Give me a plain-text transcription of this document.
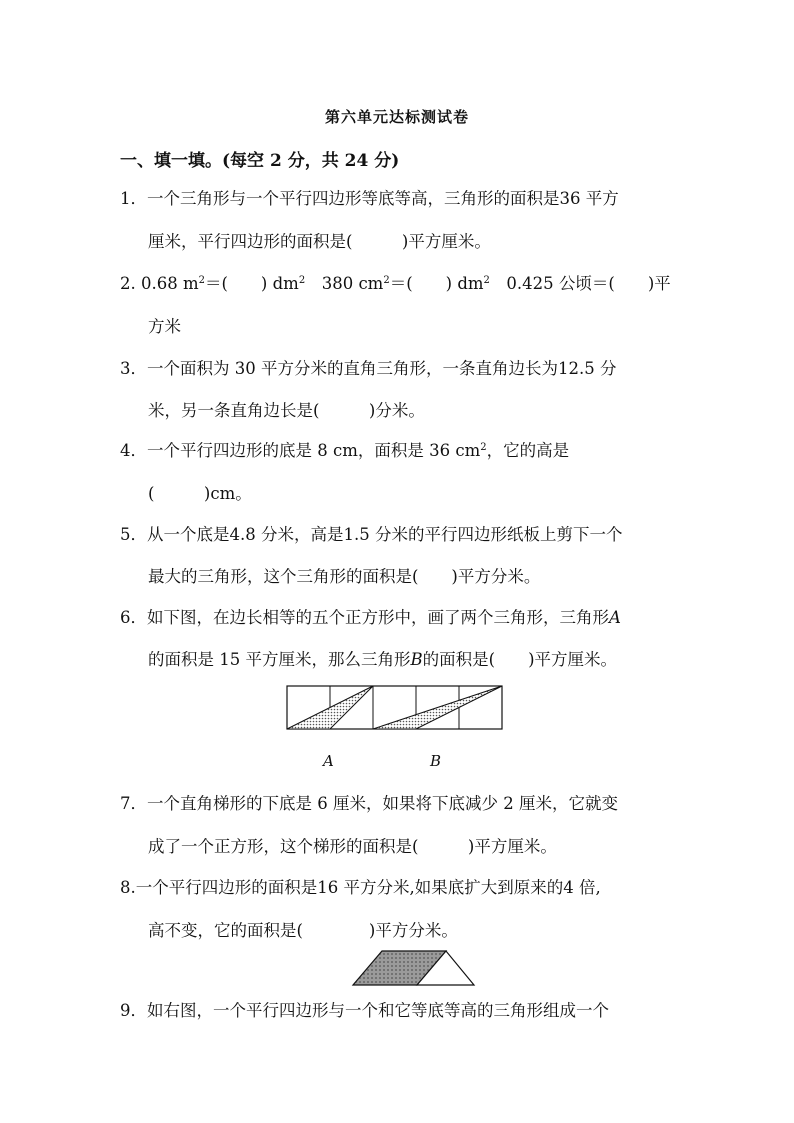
第六单元达标测试卷
一、填一填。(每空 2 分，共 24 分)
1．一个三角形与一个平行四边形等底等高，三角形的面积是36 平方
厘米，平行四边形的面积是(　　　)平方厘米。
2. 0.68 $m^2=$(　　) $dm^2$　380 $cm^2=$(　　) $dm^2$　0.425 公顷＝(　　)平
方米
3．一个面积为 30 平方分米的直角三角形，一条直角边长为12.5 分
米，另一条直角边长是(　　　)分米。
4．一个平行四边形的底是 8 cm，面积是 36 $cm^2$，它的高是
(　　　)cm。
5．从一个底是4.8 分米，高是1.5 分米的平行四边形纸板上剪下一个
最大的三角形，这个三角形的面积是(　　)平方分米。
6．如下图，在边长相等的五个正方形中，画了两个三角形，三角形A
的面积是 15 平方厘米，那么三角形B的面积是(　　)平方厘米。
A	B
7．一个直角梯形的下底是 6 厘米，如果将下底减少 2 厘米，它就变
成了一个正方形，这个梯形的面积是(　　　)平方厘米。
8.一个平行四边形的面积是16 平方分米,如果底扩大到原来的4 倍,
高不变，它的面积是(　　　　)平方分米。
9．如右图，一个平行四边形与一个和它等底等高的三角形组成一个
